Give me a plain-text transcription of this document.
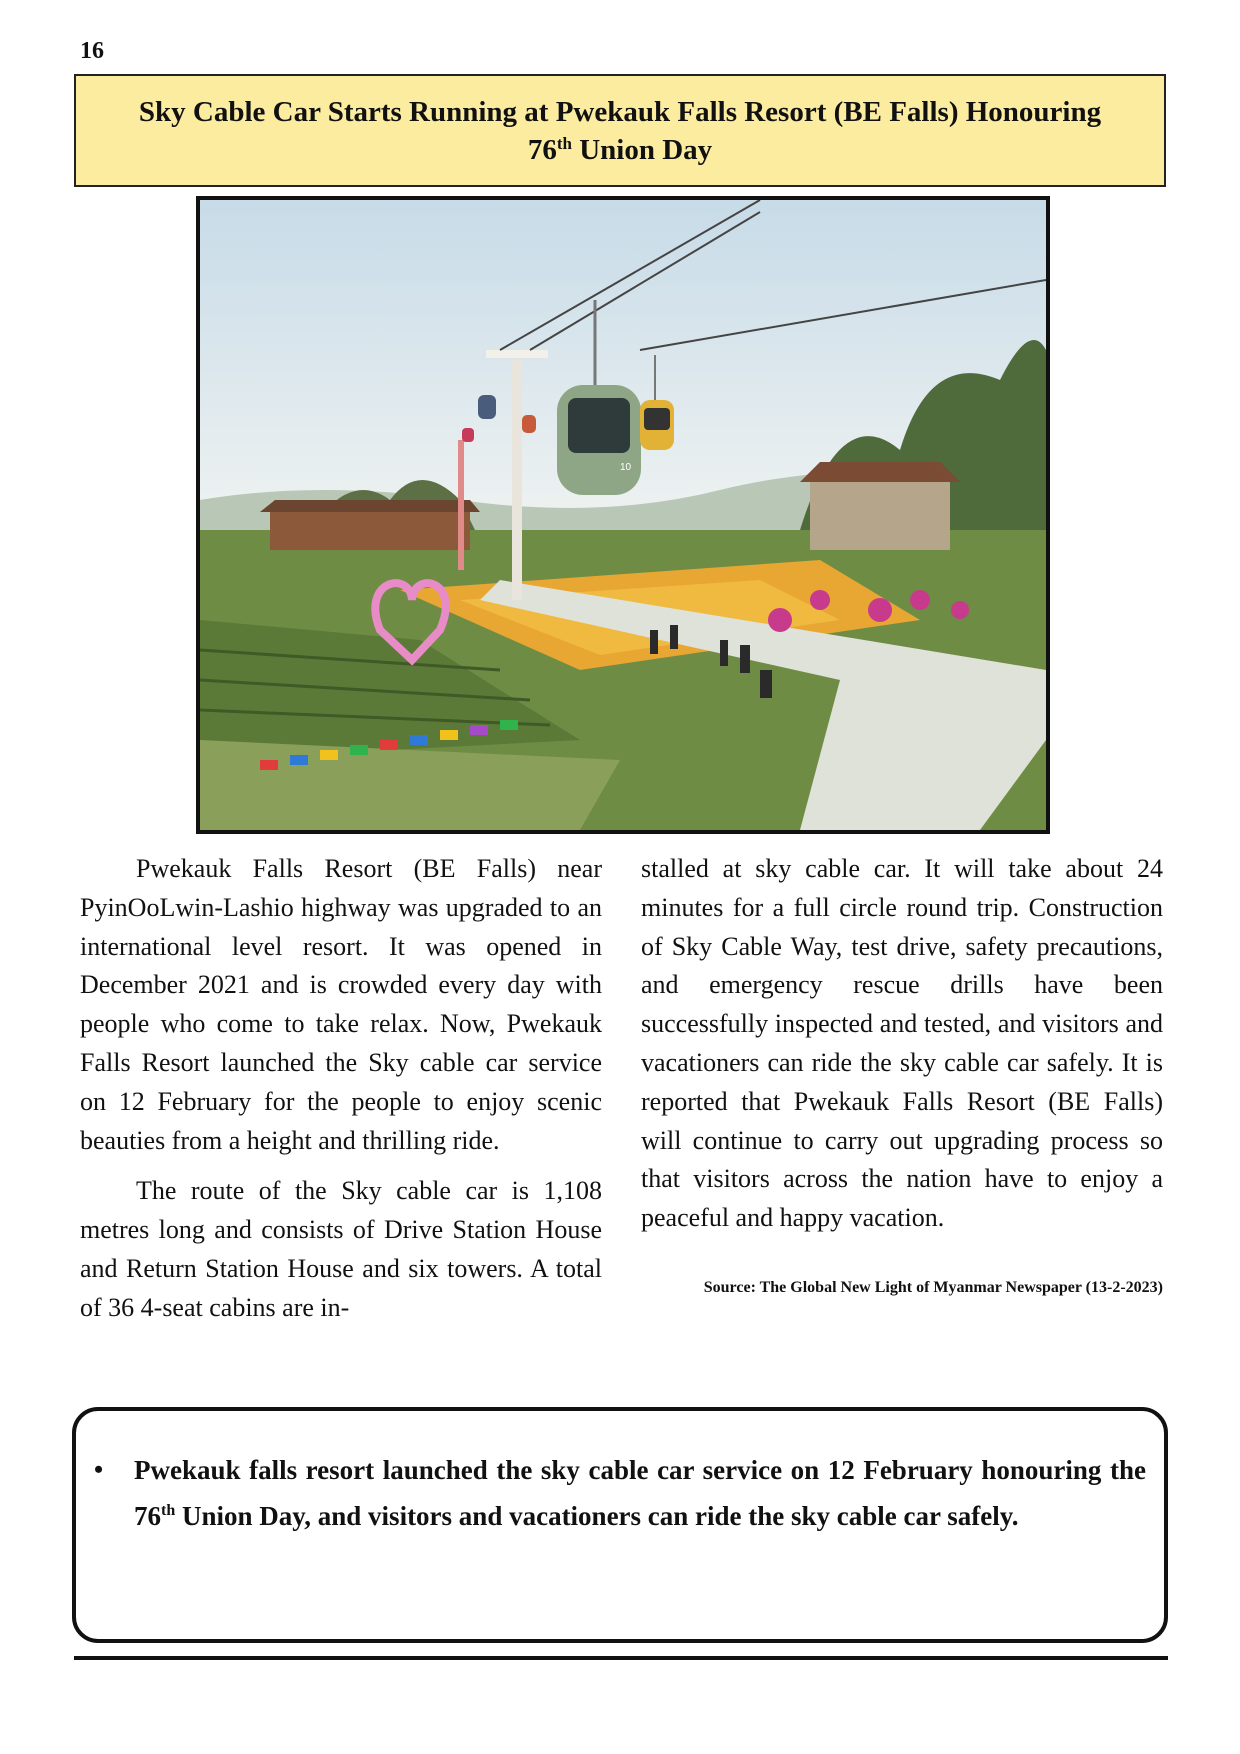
16
Sky Cable Car Starts Running at Pwekauk Falls Resort (BE Falls) Honouring
76th Union Day
10

Pwekauk Falls Resort (BE Falls) near PyinOoLwin-Lashio highway was upgraded to an international level resort. It was opened in December 2021 and is crowded every day with people who come to take relax. Now, Pwekauk Falls Resort launched the Sky cable car service on 12 February for the people to enjoy scenic beauties from a height and thrilling ride.

The route of the Sky cable car is 1,108 metres long and consists of Drive Station House and Return Station House and six towers. A total of 36 4-seat cabins are in-

stalled at sky cable car. It will take about 24 minutes for a full circle round trip. Construction of Sky Cable Way, test drive, safety precautions, and emergency rescue drills have been successfully inspected and tested, and visitors and vacationers can ride the sky cable car safely. It is reported that Pwekauk Falls Resort (BE Falls) will continue to carry out upgrading process so that visitors across the nation have to enjoy a peaceful and happy vacation.

Source: The Global New Light of Myanmar Newspaper (13-2-2023)
•	Pwekauk falls resort launched the sky cable car service on 12 February honouring the 76th Union Day, and visitors and vacationers can ride the sky cable car safely.
